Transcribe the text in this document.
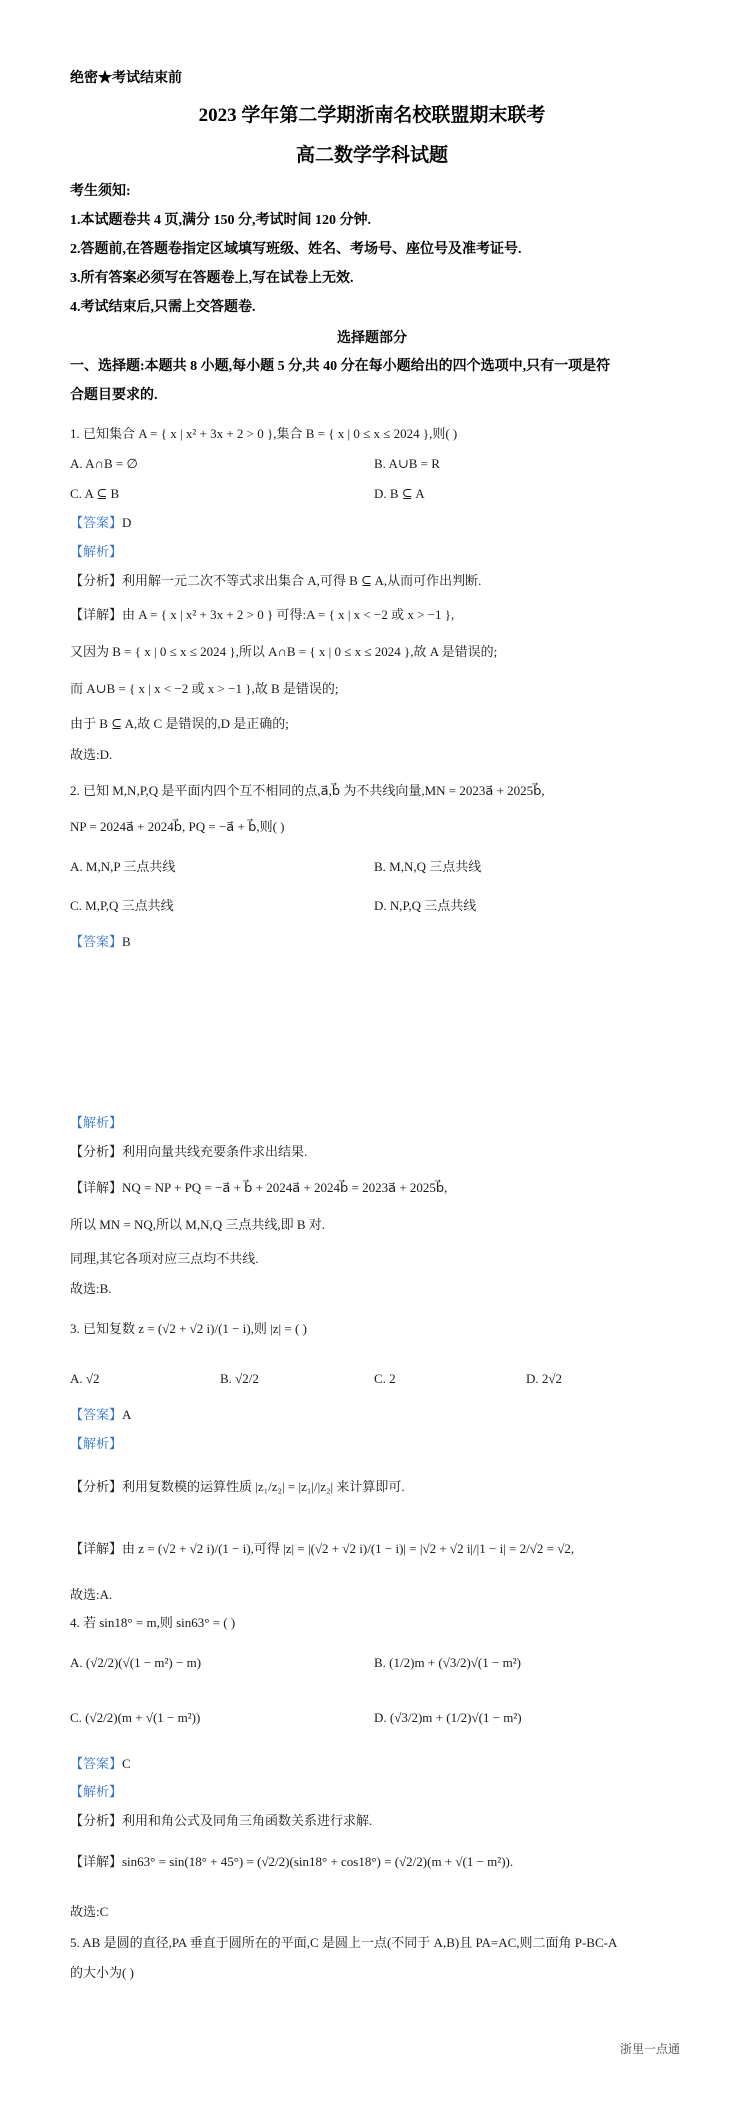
绝密★考试结束前
2023 学年第二学期浙南名校联盟期末联考
高二数学学科试题
考生须知:
1.本试题卷共 4 页,满分 150 分,考试时间 120 分钟.
2.答题前,在答题卷指定区域填写班级、姓名、考场号、座位号及准考证号.
3.所有答案必须写在答题卷上,写在试卷上无效.
4.考试结束后,只需上交答题卷.
选择题部分
一、选择题:本题共 8 小题,每小题 5 分,共 40 分在每小题给出的四个选项中,只有一项是符
合题目要求的.
1. 已知集合 A = { x | x² + 3x + 2 > 0 },集合 B = { x | 0 ≤ x ≤ 2024 },则( )
A. A∩B = ∅	B. A∪B = R
C. A ⊆ B	D. B ⊆ A
【答案】D
【解析】
【分析】利用解一元二次不等式求出集合 A,可得 B ⊆ A,从而可作出判断.
【详解】由 A = { x | x² + 3x + 2 > 0 } 可得:A = { x | x < −2 或 x > −1 },
又因为 B = { x | 0 ≤ x ≤ 2024 },所以 A∩B = { x | 0 ≤ x ≤ 2024 },故 A 是错误的;
而 A∪B = { x | x < −2 或 x > −1 },故 B 是错误的;
由于 B ⊆ A,故 C 是错误的,D 是正确的;
故选:D.
2. 已知 M,N,P,Q 是平面内四个互不相同的点,a⃗,b⃗ 为不共线向量,MN = 2023a⃗ + 2025b⃗,
NP = 2024a⃗ + 2024b⃗, PQ = −a⃗ + b⃗,则( )
A. M,N,P 三点共线	B. M,N,Q 三点共线
C. M,P,Q 三点共线	D. N,P,Q 三点共线
【答案】B
【解析】
【分析】利用向量共线充要条件求出结果.
【详解】NQ = NP + PQ = −a⃗ + b⃗ + 2024a⃗ + 2024b⃗ = 2023a⃗ + 2025b⃗,
所以 MN = NQ,所以 M,N,Q 三点共线,即 B 对.
同理,其它各项对应三点均不共线.
故选:B.
3. 已知复数 z = (√2 + √2 i)/(1 − i),则 |z| = ( )
A. √2	B. √2/2	C. 2	D. 2√2
【答案】A
【解析】
【分析】利用复数模的运算性质 |z₁/z₂| = |z₁|/|z₂| 来计算即可.
【详解】由 z = (√2 + √2 i)/(1 − i),可得 |z| = |(√2 + √2 i)/(1 − i)| = |√2 + √2 i|/|1 − i| = 2/√2 = √2,
故选:A.
4. 若 sin18° = m,则 sin63° = ( )
A. (√2/2)(√(1 − m²) − m)	B. (1/2)m + (√3/2)√(1 − m²)
C. (√2/2)(m + √(1 − m²))	D. (√3/2)m + (1/2)√(1 − m²)
【答案】C
【解析】
【分析】利用和角公式及同角三角函数关系进行求解.
【详解】sin63° = sin(18° + 45°) = (√2/2)(sin18° + cos18°) = (√2/2)(m + √(1 − m²)).
故选:C
5. AB 是圆的直径,PA 垂直于圆所在的平面,C 是圆上一点(不同于 A,B)且 PA=AC,则二面角 P-BC-A
的大小为( )
浙里一点通
